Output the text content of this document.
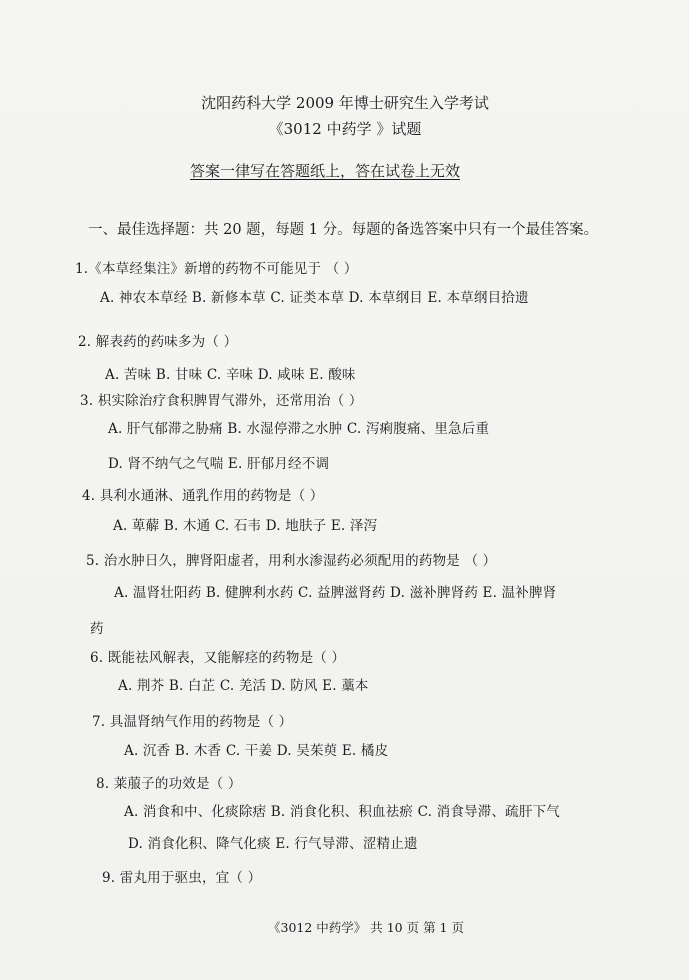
沈阳药科大学 2009 年博士研究生入学考试
《3012 中药学 》试题
答案一律写在答题纸上，答在试卷上无效
一、最佳选择题：共 20 题，每题 1 分。每题的备选答案中只有一个最佳答案。
1.《本草经集注》新增的药物不可能见于 （ ）
A. 神农本草经 B. 新修本草 C. 证类本草 D. 本草纲目 E. 本草纲目拾遗
2. 解表药的药味多为（ ）
A. 苦味 B. 甘味 C. 辛味 D. 咸味 E. 酸味
3. 枳实除治疗食积脾胃气滞外，还常用治（ ）
A. 肝气郁滞之胁痛 B. 水湿停滞之水肿 C. 泻痢腹痛、里急后重
D. 肾不纳气之气喘 E. 肝郁月经不调
4. 具利水通淋、通乳作用的药物是（ ）
A. 萆薢 B. 木通 C. 石韦 D. 地肤子 E. 泽泻
5. 治水肿日久，脾肾阳虚者，用利水渗湿药必须配用的药物是 （ ）
A. 温肾壮阳药 B. 健脾利水药 C. 益脾滋肾药 D. 滋补脾肾药 E. 温补脾肾
药
6. 既能祛风解表，又能解痉的药物是（ ）
A. 荆芥 B. 白芷 C. 羌活 D. 防风 E. 藁本
7. 具温肾纳气作用的药物是（ ）
A. 沉香 B. 木香 C. 干姜 D. 吴茱萸 E. 橘皮
8. 莱菔子的功效是（ ）
A. 消食和中、化痰除痞 B. 消食化积、积血祛瘀 C. 消食导滞、疏肝下气
D. 消食化积、降气化痰 E. 行气导滞、涩精止遗
9. 雷丸用于驱虫，宜（ ）
《3012 中药学》 共 10 页 第 1 页
